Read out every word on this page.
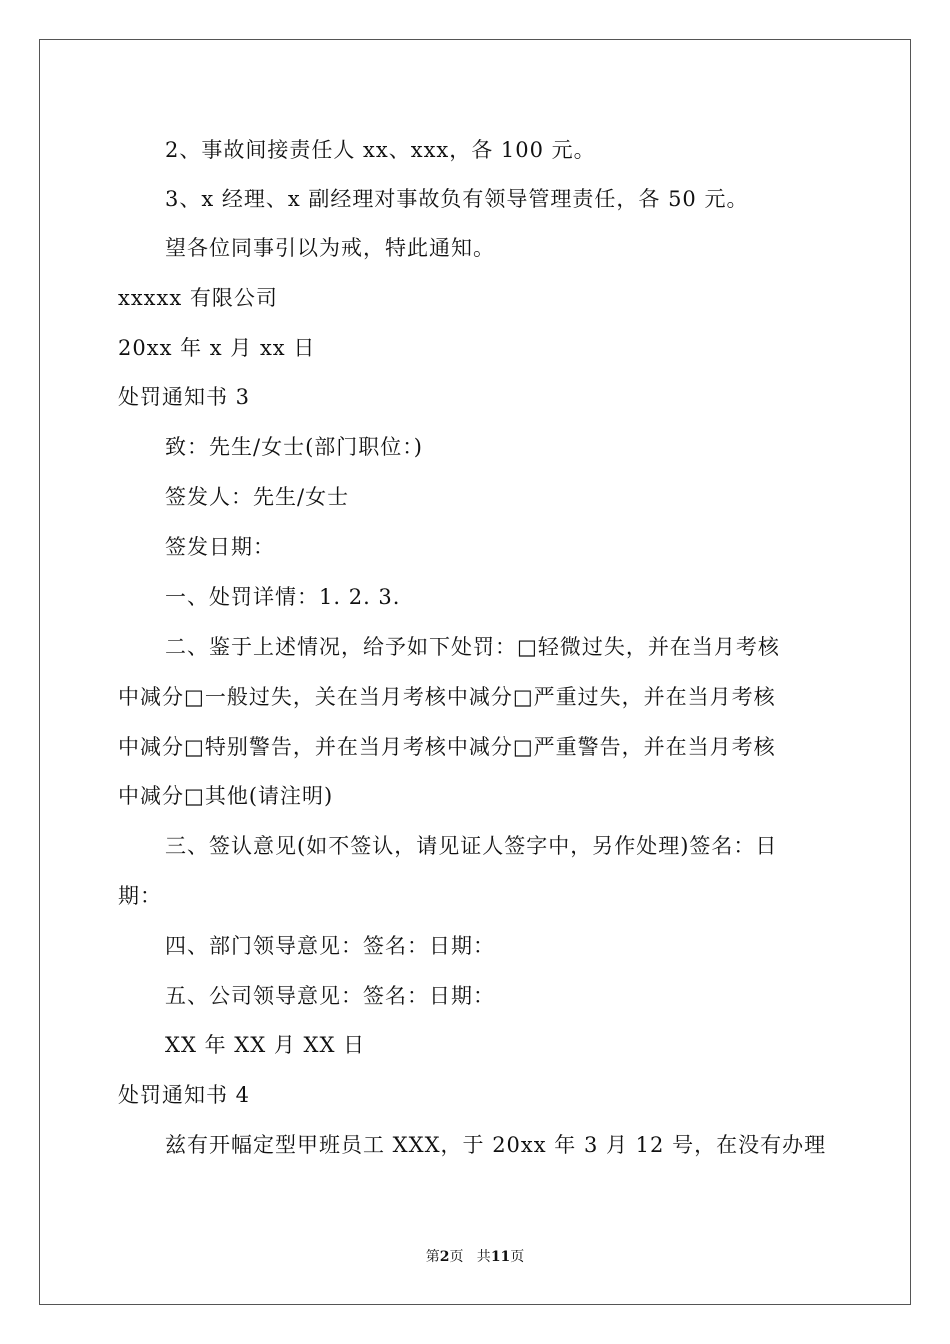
2、事故间接责任人 xx、xxx，各 100 元。
3、x 经理、x 副经理对事故负有领导管理责任，各 50 元。
望各位同事引以为戒，特此通知。
xxxxx 有限公司
20xx 年 x 月 xx 日
处罚通知书 3
致：先生/女士(部门职位：)
签发人：先生/女士
签发日期：
一、处罚详情：1. 2. 3.
二、鉴于上述情况，给予如下处罚：□轻微过失，并在当月考核
中减分□一般过失，关在当月考核中减分□严重过失，并在当月考核
中减分□特别警告，并在当月考核中减分□严重警告，并在当月考核
中减分□其他(请注明)
三、签认意见(如不签认，请见证人签字中，另作处理)签名：日
期：
四、部门领导意见：签名：日期：
五、公司领导意见：签名：日期：
XX 年 XX 月 XX 日
处罚通知书 4
兹有开幅定型甲班员工 XXX，于 20xx 年 3 月 12 号，在没有办理
第2页   共11页
